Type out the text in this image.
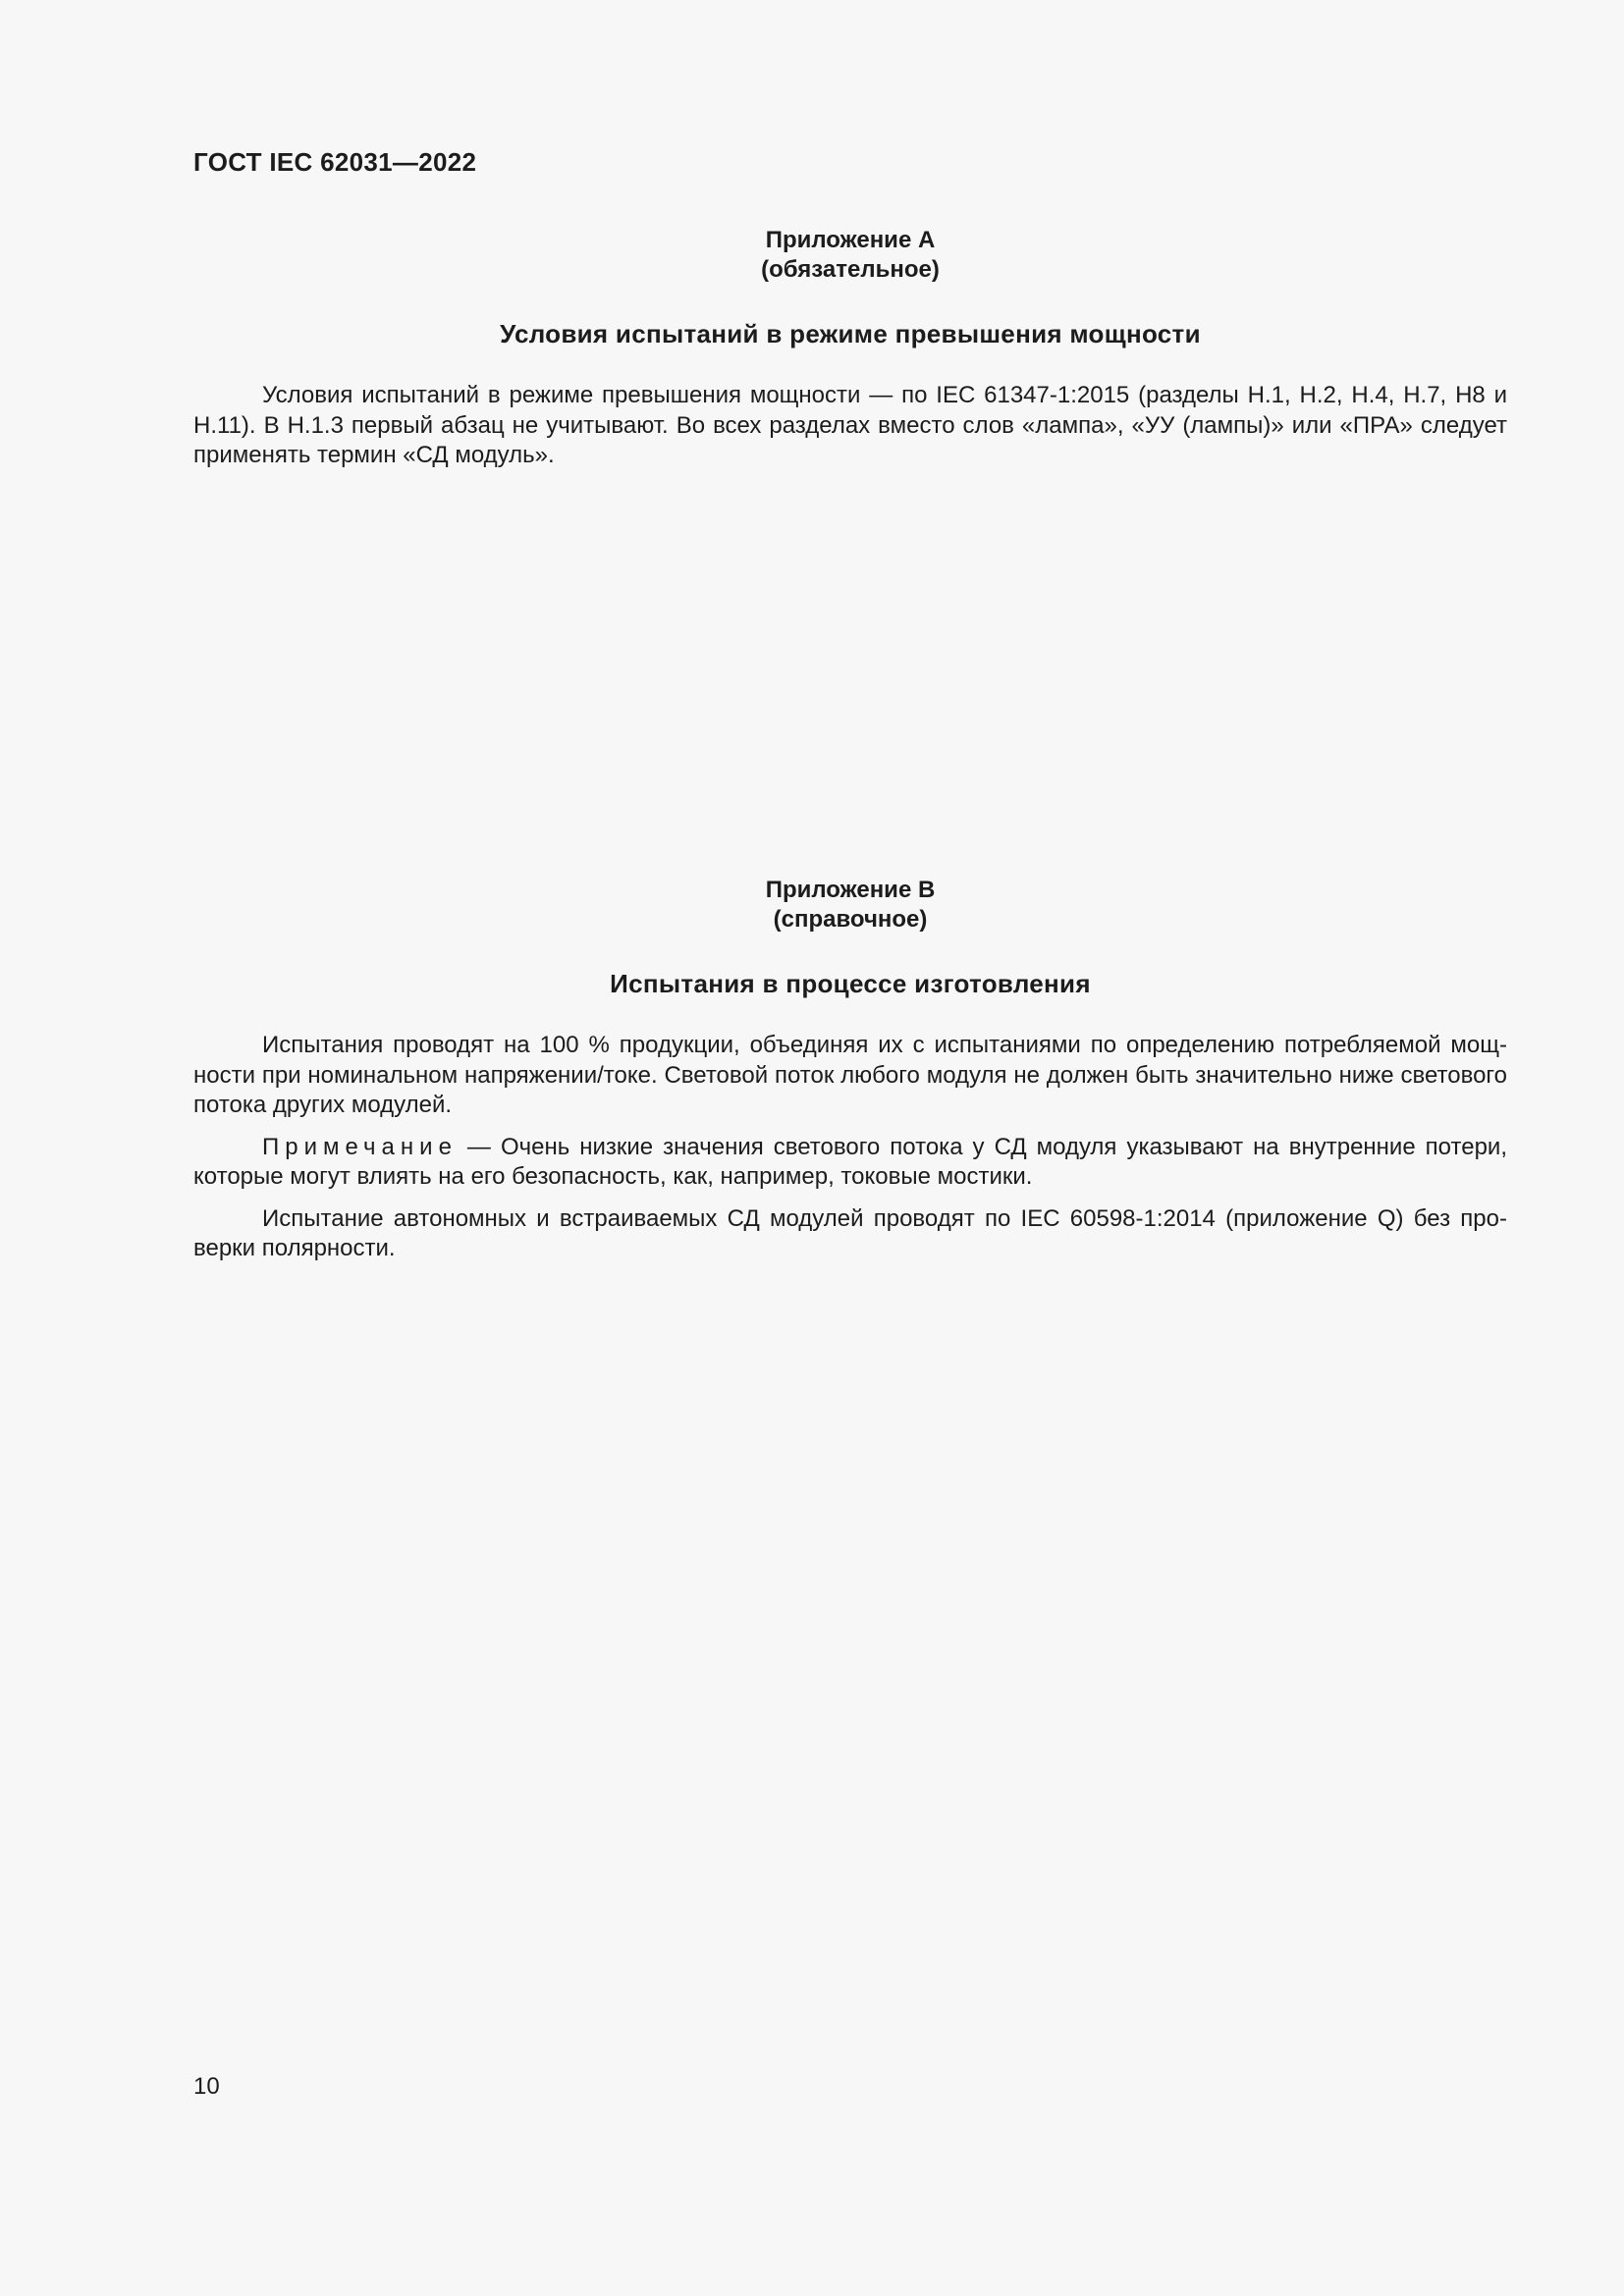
ГОСТ IEC 62031—2022
Приложение А
(обязательное)
Условия испытаний в режиме превышения мощности

Условия испытаний в режиме превышения мощности — по IEC 61347-1:2015 (разделы Н.1, Н.2, Н.4, Н.7, Н8 и Н.11). В Н.1.3 первый абзац не учитывают. Во всех разделах вместо слов «лампа», «УУ (лампы)» или «ПРА» следует применять термин «СД модуль».

Приложение В
(справочное)
Испытания в процессе изготовления

Испытания проводят на 100 % продукции, объединяя их с испытаниями по определению потребляемой мощности при номинальном напряжении/токе. Световой поток любого модуля не должен быть значительно ниже светового потока других модулей.

Примечание — Очень низкие значения светового потока у СД модуля указывают на внутренние потери, которые могут влиять на его безопасность, как, например, токовые мостики.

Испытание автономных и встраиваемых СД модулей проводят по IEC 60598-1:2014 (приложение Q) без проверки полярности.

10
